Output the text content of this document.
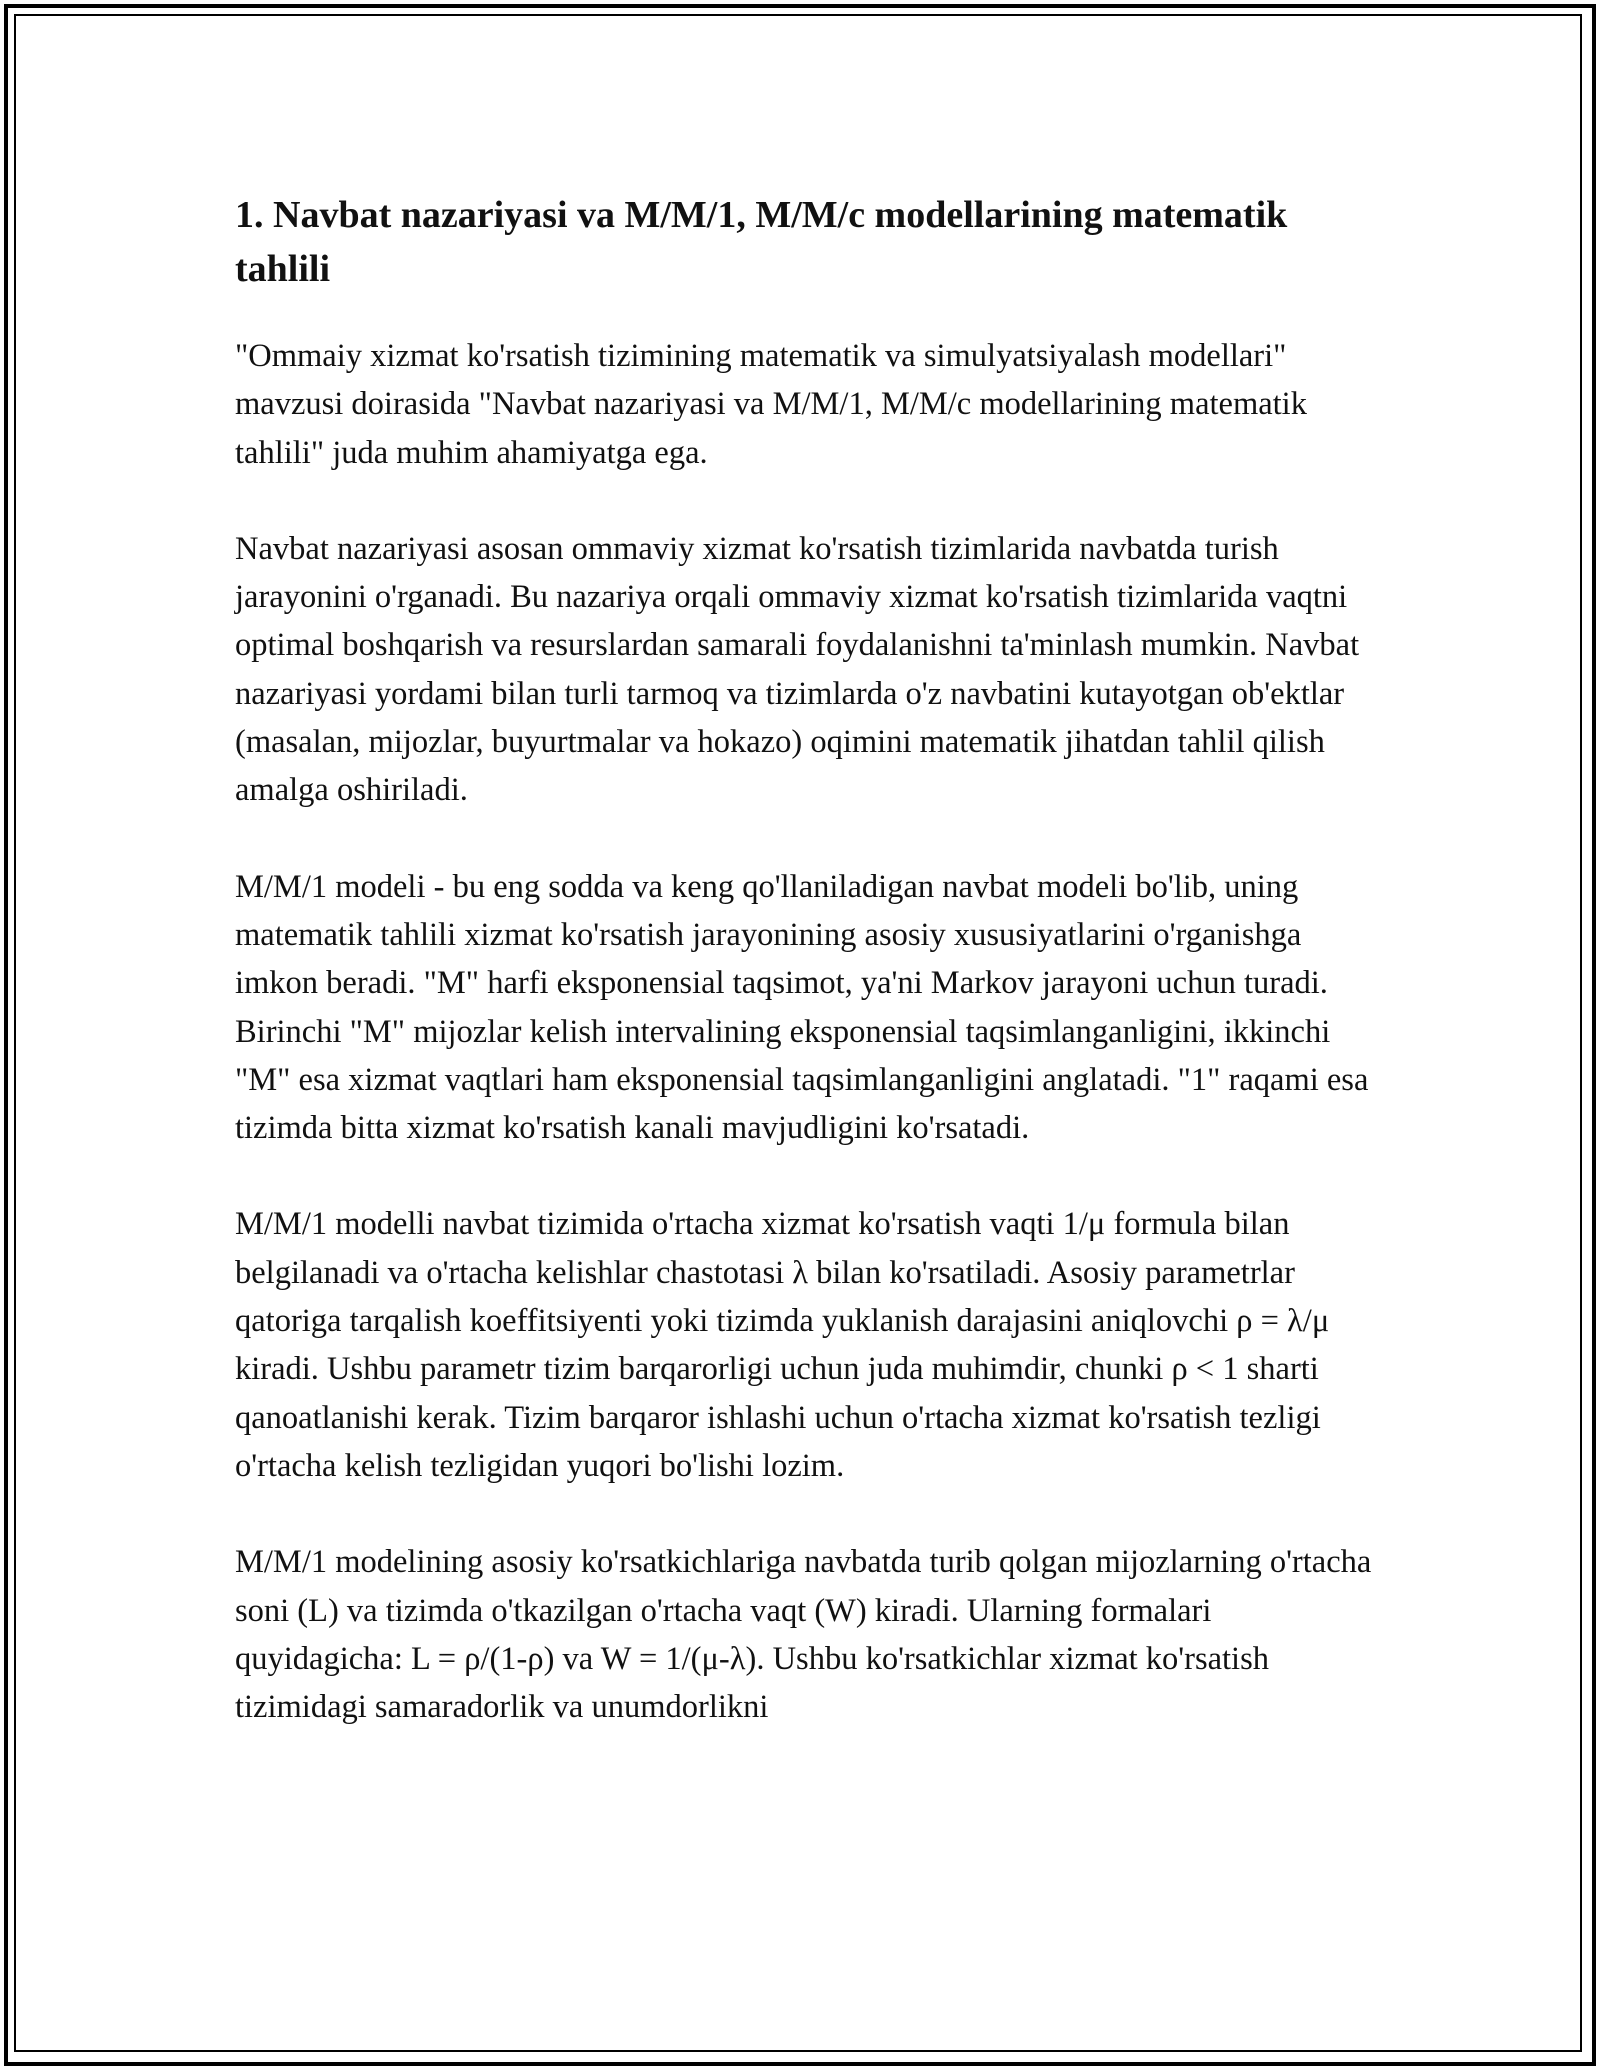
1. Navbat nazariyasi va M/M/1, M/M/c modellarining matematik tahlili

"Ommaiy xizmat ko'rsatish tizimining matematik va simulyatsiyalash modellari" mavzusi doirasida "Navbat nazariyasi va M/M/1, M/M/c modellarining matematik tahlili" juda muhim ahamiyatga ega.

Navbat nazariyasi asosan ommaviy xizmat ko'rsatish tizimlarida navbatda turish jarayonini o'rganadi. Bu nazariya orqali ommaviy xizmat ko'rsatish tizimlarida vaqtni optimal boshqarish va resurslardan samarali foydalanishni ta'minlash mumkin. Navbat nazariyasi yordami bilan turli tarmoq va tizimlarda o'z navbatini kutayotgan ob'ektlar (masalan, mijozlar, buyurtmalar va hokazo) oqimini matematik jihatdan tahlil qilish amalga oshiriladi.

M/M/1 modeli - bu eng sodda va keng qo'llaniladigan navbat modeli bo'lib, uning matematik tahlili xizmat ko'rsatish jarayonining asosiy xususiyatlarini o'rganishga imkon beradi. "M" harfi eksponensial taqsimot, ya'ni Markov jarayoni uchun turadi. Birinchi "M" mijozlar kelish intervalining eksponensial taqsimlanganligini, ikkinchi "M" esa xizmat vaqtlari ham eksponensial taqsimlanganligini anglatadi. "1" raqami esa tizimda bitta xizmat ko'rsatish kanali mavjudligini ko'rsatadi.

M/M/1 modelli navbat tizimida o'rtacha xizmat ko'rsatish vaqti 1/μ formula bilan belgilanadi va o'rtacha kelishlar chastotasi λ bilan ko'rsatiladi. Asosiy parametrlar qatoriga tarqalish koeffitsiyenti yoki tizimda yuklanish darajasini aniqlovchi ρ = λ/μ kiradi. Ushbu parametr tizim barqarorligi uchun juda muhimdir, chunki ρ < 1 sharti qanoatlanishi kerak. Tizim barqaror ishlashi uchun o'rtacha xizmat ko'rsatish tezligi o'rtacha kelish tezligidan yuqori bo'lishi lozim.

M/M/1 modelining asosiy ko'rsatkichlariga navbatda turib qolgan mijozlarning o'rtacha soni (L) va tizimda o'tkazilgan o'rtacha vaqt (W) kiradi. Ularning formalari quyidagicha: L = ρ/(1-ρ) va W = 1/(μ-λ). Ushbu ko'rsatkichlar xizmat ko'rsatish tizimidagi samaradorlik va unumdorlikni
